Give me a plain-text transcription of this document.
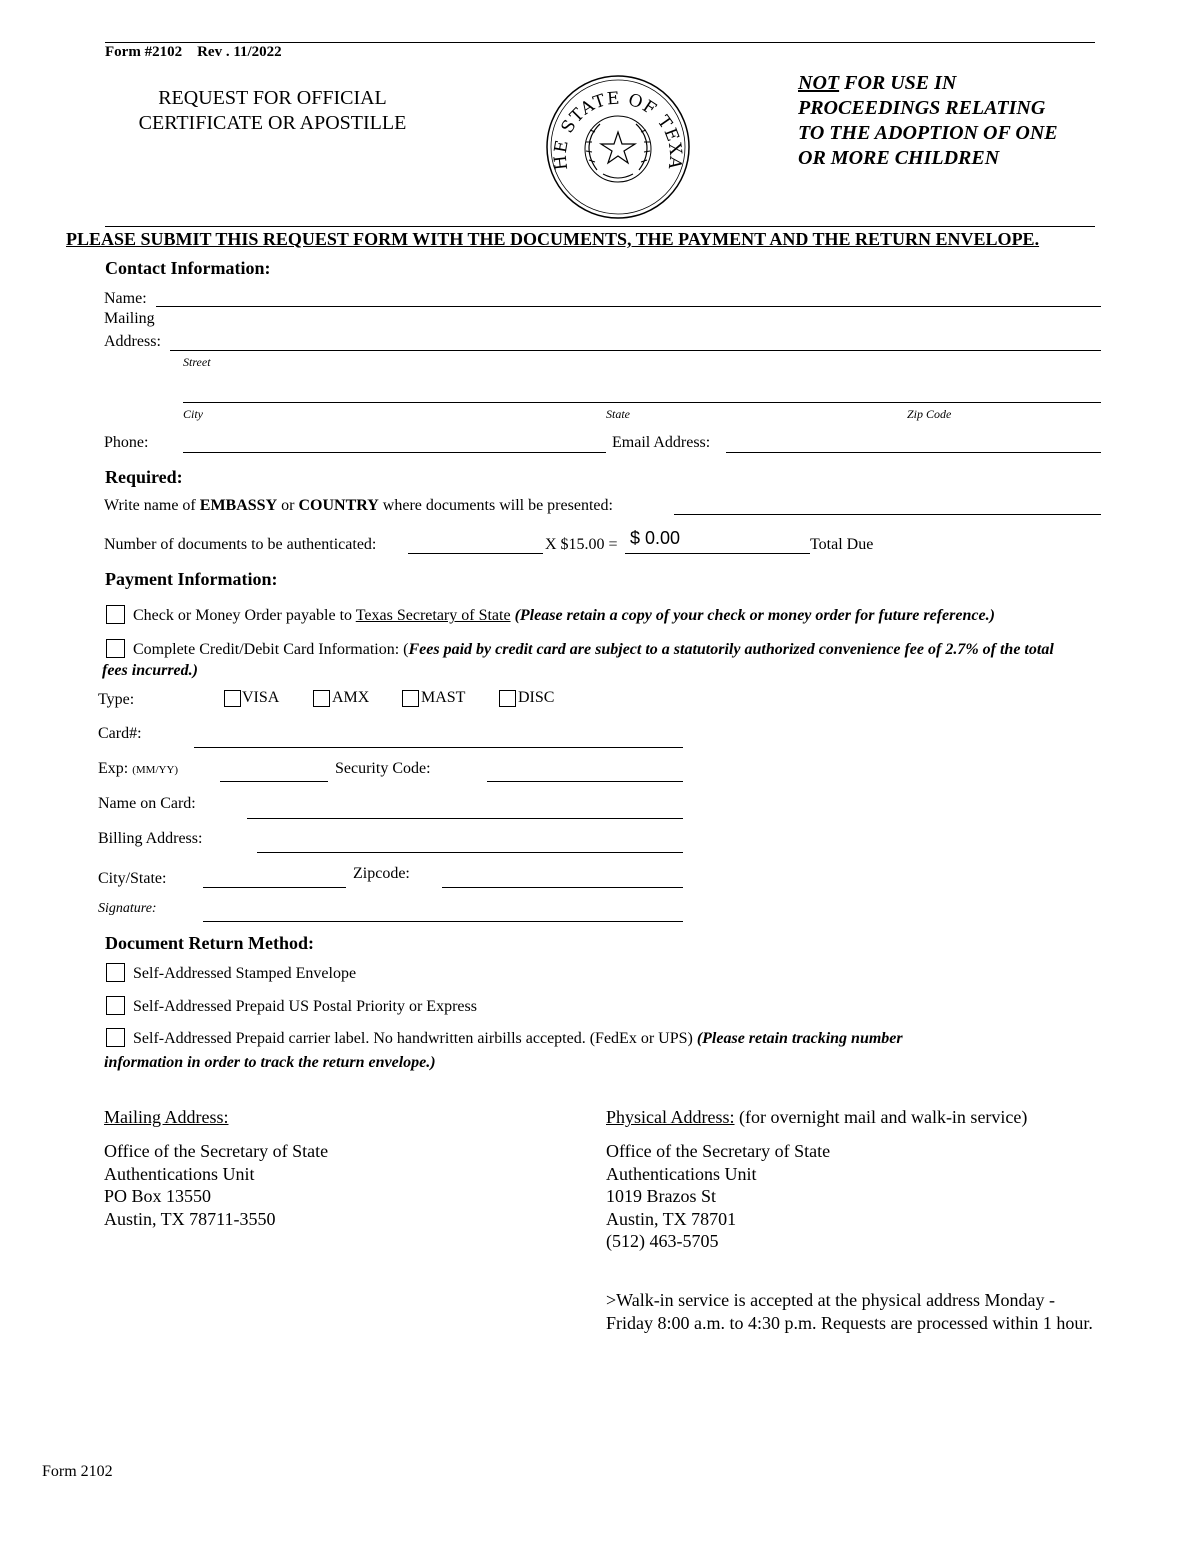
Form #2102 Rev . 11/2022
REQUEST FOR OFFICIAL
CERTIFICATE OR APOSTILLE
HE STATE OF TEXA
NOT FOR USE IN
PROCEEDINGS RELATING
TO THE ADOPTION OF ONE
OR MORE CHILDREN
PLEASE SUBMIT THIS REQUEST FORM WITH THE DOCUMENTS, THE PAYMENT AND THE RETURN ENVELOPE.
Contact Information:
Name:
Mailing
Address:
Street
City	State	Zip Code
Phone:	Email Address:
Required:
Write name of EMBASSY or COUNTRY where documents will be presented:
Number of documents to be authenticated:	X $15.00 = $ 0.00	Total Due
Payment Information:
Check or Money Order payable to Texas Secretary of State (Please retain a copy of your check or money order for future reference.)
Complete Credit/Debit Card Information: (Fees paid by credit card are subject to a statutorily authorized convenience fee of 2.7% of the total
fees incurred.)
Type:	VISA	AMX	MAST	DISC
Card#:
Exp: (MM/YY)	Security Code:
Name on Card:
Billing Address:
City/State:	Zipcode:
Signature:
Document Return Method:
Self-Addressed Stamped Envelope
Self-Addressed Prepaid US Postal Priority or Express
Self-Addressed Prepaid carrier label. No handwritten airbills accepted. (FedEx or UPS) (Please retain tracking number
information in order to track the return envelope.)
Mailing Address:
Office of the Secretary of State
Authentications Unit
PO Box 13550
Austin, TX 78711-3550
Physical Address: (for overnight mail and walk-in service)
Office of the Secretary of State
Authentications Unit
1019 Brazos St
Austin, TX 78701
(512) 463-5705
>Walk-in service is accepted at the physical address Monday - Friday 8:00 a.m. to 4:30 p.m. Requests are processed within 1 hour.
Form 2102
